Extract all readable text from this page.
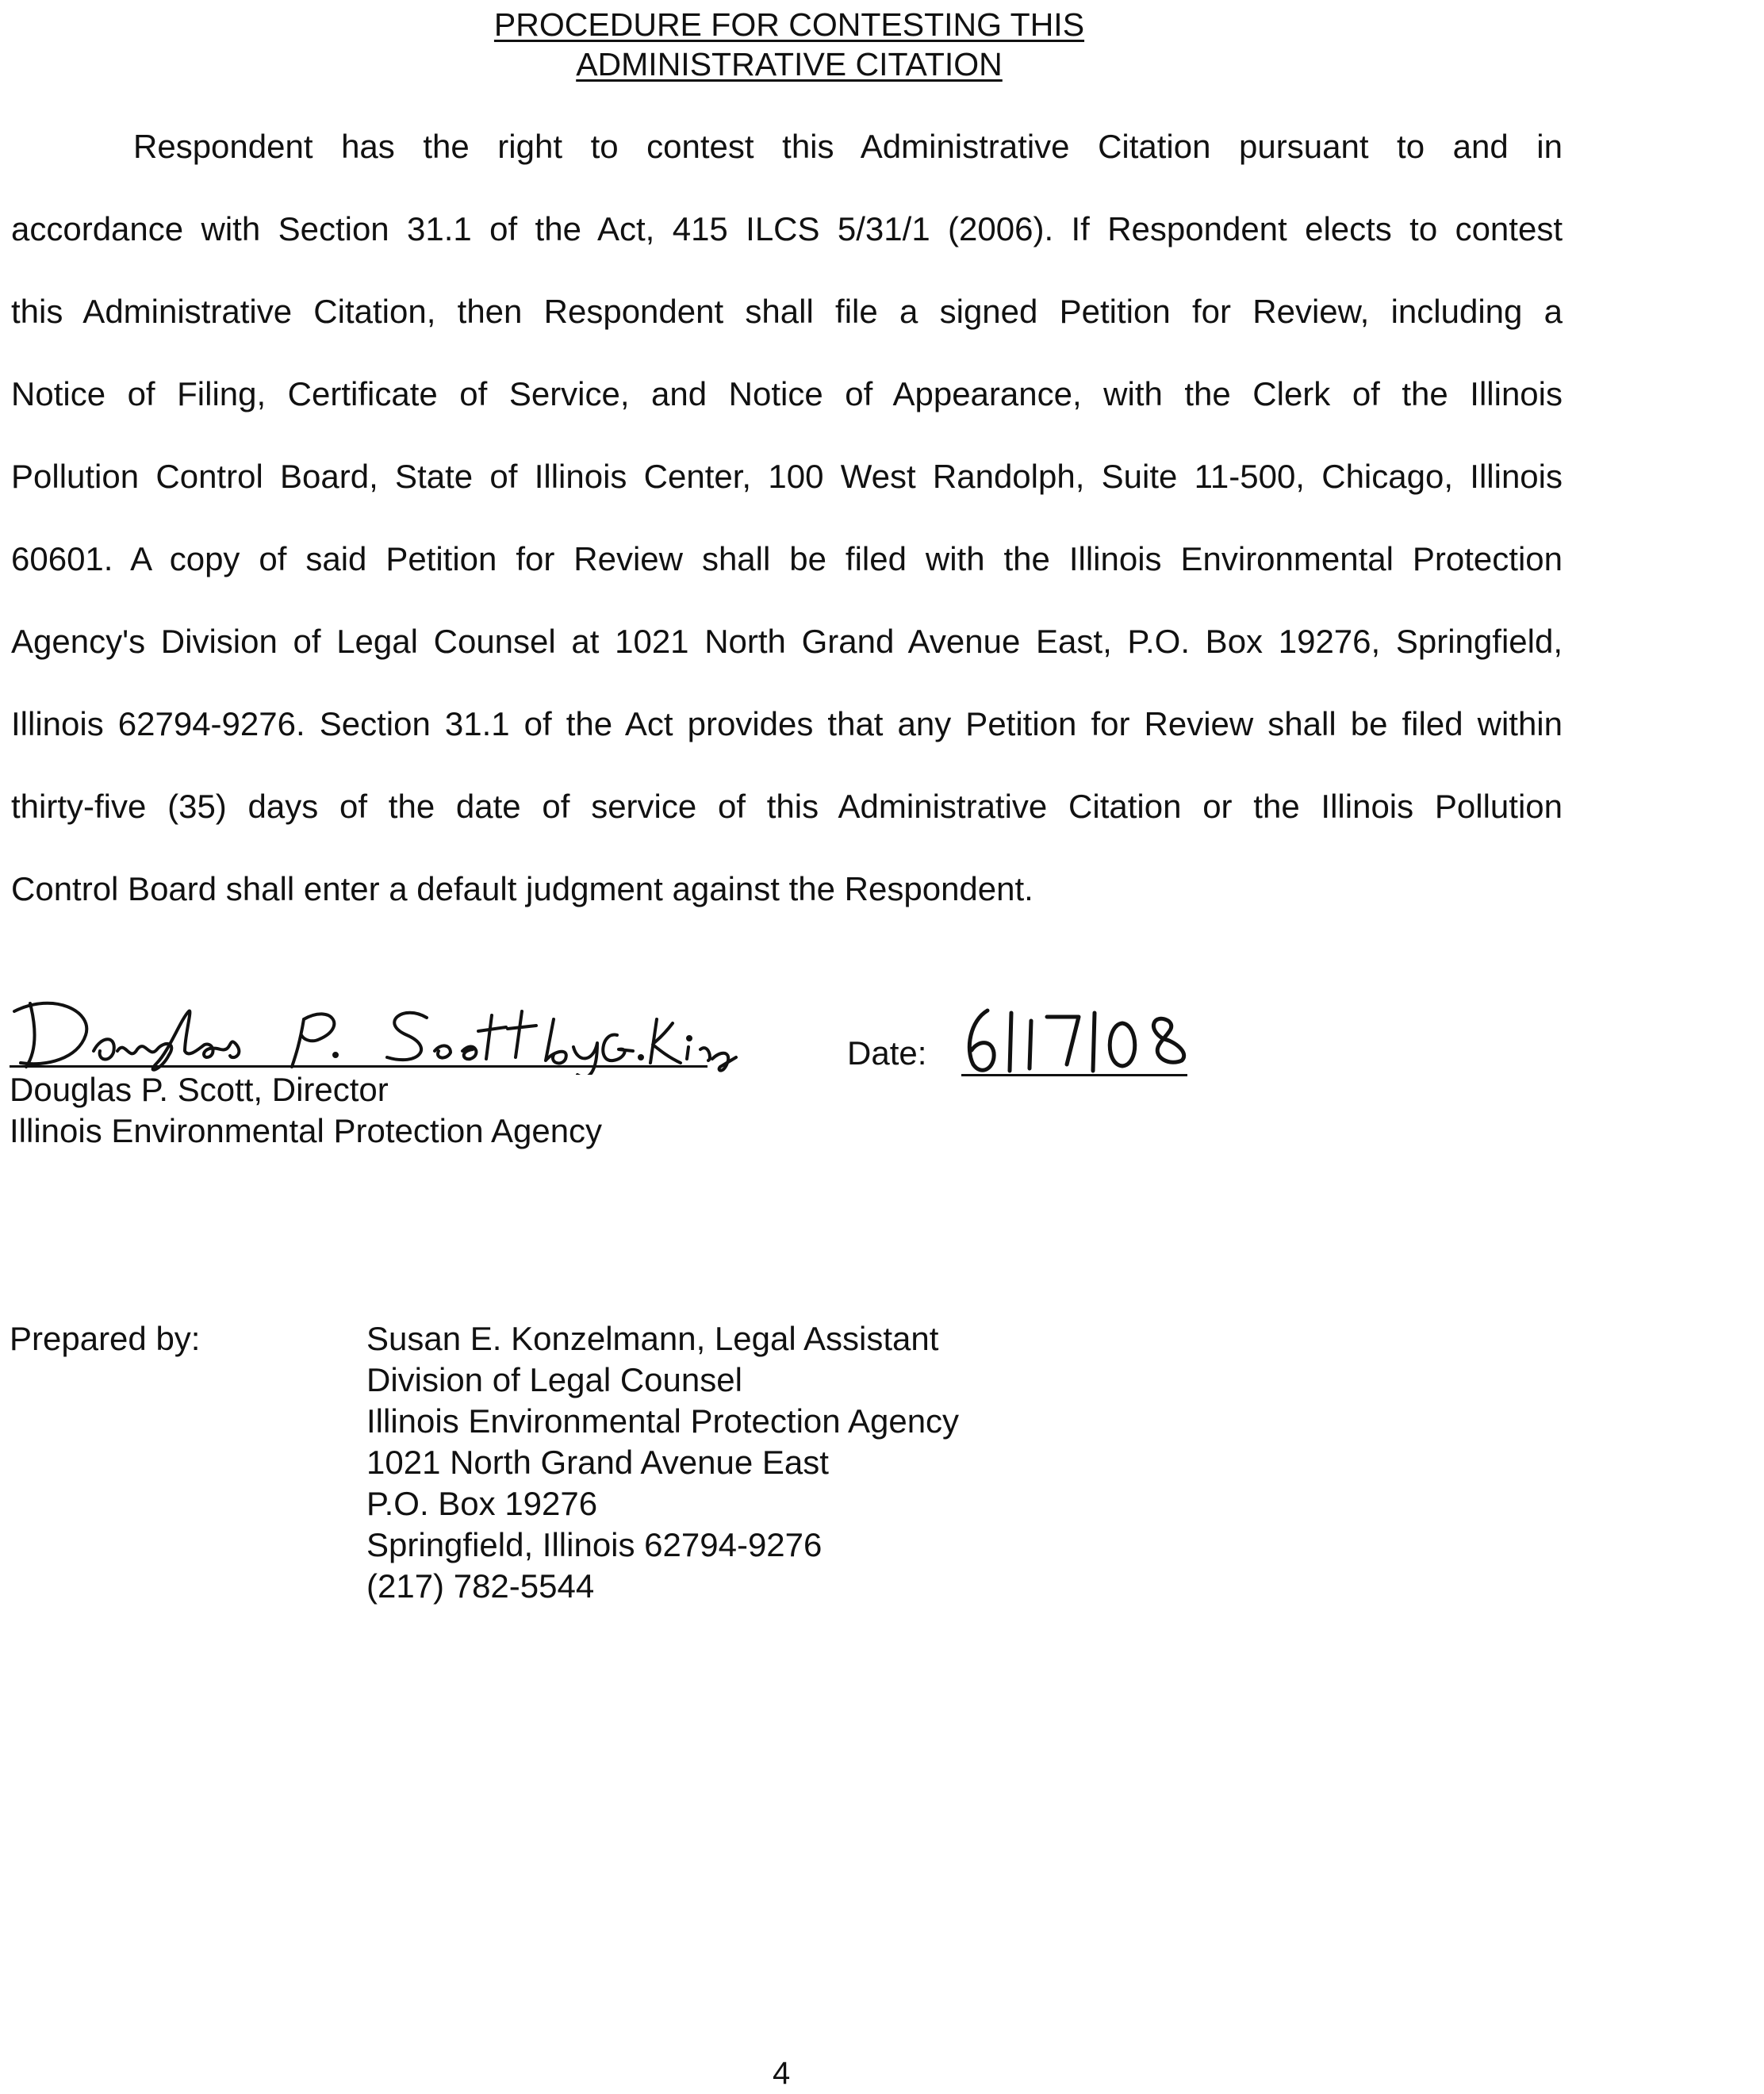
PROCEDURE FOR CONTESTING THIS
ADMINISTRATIVE CITATION
Respondent has the right to contest this Administrative Citation pursuant to and in
accordance with Section 31.1 of the Act, 415 ILCS 5/31/1 (2006). If Respondent elects to contest
this Administrative Citation, then Respondent shall file a signed Petition for Review, including a
Notice of Filing, Certificate of Service, and Notice of Appearance, with the Clerk of the Illinois
Pollution Control Board, State of Illinois Center, 100 West Randolph, Suite 11-500, Chicago, Illinois
60601. A copy of said Petition for Review shall be filed with the Illinois Environmental Protection
Agency's Division of Legal Counsel at 1021 North Grand Avenue East, P.O. Box 19276, Springfield,
Illinois 62794-9276. Section 31.1 of the Act provides that any Petition for Review shall be filed within
thirty-five (35) days of the date of service of this Administrative Citation or the Illinois Pollution
Control Board shall enter a default judgment against the Respondent.
Douglas P. Scott, Director
Illinois Environmental Protection Agency
Date:
Prepared by:	Susan E. Konzelmann, Legal Assistant
Division of Legal Counsel
Illinois Environmental Protection Agency
1021 North Grand Avenue East
P.O. Box 19276
Springfield, Illinois 62794-9276
(217) 782-5544
4
